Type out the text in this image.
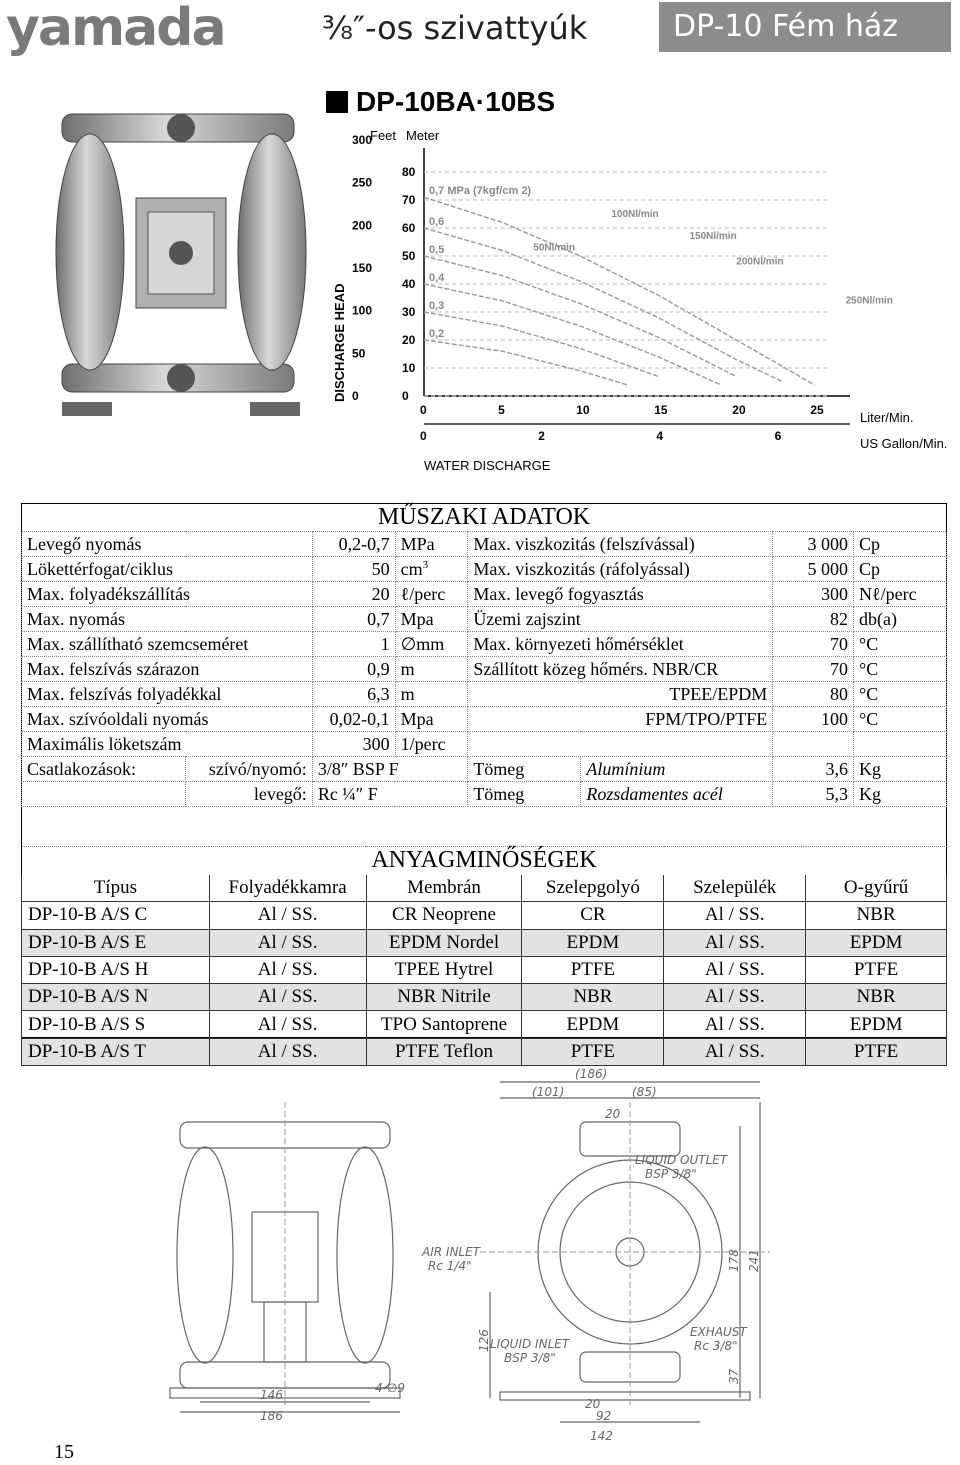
yamada	³⁄₈″-os szivattyúk	DP-10 Fém ház
DP-10BA·10BS
Feet Meter
DISCHARGE HEAD
Liter/Min.
US Gallon/Min.
WATER DISCHARGE
0
10
20
30
40
50
60
70
80
0
50
100
150
200
250
300
0	5	10	15	20	25
0	2	4	6
0,7 MPa (7kgf/cm 2)
0,6
0,5
0,4
0,3
0,2
100Nl/min
150Nl/min
50Nl/min
200Nl/min
250Nl/min
MŰSZAKI ADATOK							
Levegő nyomás		0,2-0,7	MPa	Max. viszkozitás (felszívással)		3 000	Cp
Lökettérfogat/ciklus		50	$cm^3$	Max. viszkozitás (ráfolyással)		5 000	Cp
Max. folyadékszállítás		20	ℓ/perc	Max. levegő fogyasztás		300	Nℓ/perc
Max. nyomás		0,7	Mpa	Üzemi zajszint		82	db(a)
Max. szállítható szemcseméret		1	∅mm	Max. környezeti hőmérséklet		70	°C
Max. felszívás szárazon		0,9	m	Szállított közeg hőmérs. NBR/CR		70	°C
Max. felszívás folyadékkal		6,3	m	TPEE/EPDM		80	°C
Max. szívóoldali nyomás		0,02-0,1	Mpa	FPM/TPO/PTFE		100	°C
Maximális löketszám		300	1/perc				
Csatlakozások:	szívó/nyomó:	3/8″ BSP F		Tömeg	Alumínium	3,6	Kg
	levegő:	Rc ¼″ F		Tömeg	Rozsdamentes acél	5,3	Kg
ANYAGMINŐSÉGEK					
Típus	Folyadékkamra	Membrán	Szelepgolyó	Szelepülék	O-gyűrű
DP-10-B A/S C	Al / SS.	CR Neoprene	CR	Al / SS.	NBR
DP-10-B A/S E	Al / SS.	EPDM Nordel	EPDM	Al / SS.	EPDM
DP-10-B A/S H	Al / SS.	TPEE Hytrel	PTFE	Al / SS.	PTFE
DP-10-B A/S N	Al / SS.	NBR Nitrile	NBR	Al / SS.	NBR
DP-10-B A/S S	Al / SS.	TPO Santoprene	EPDM	Al / SS.	EPDM
DP-10-B A/S T	Al / SS.	PTFE Teflon	PTFE	Al / SS.	PTFE
(186)
(101)	(85)
20
146
186
4-∅9
20
92
142
178 241
126
37
LIQUID OUTLET
BSP 3/8"
AIR INLET
Rc 1/4"
LIQUID INLET
BSP 3/8"
EXHAUST
Rc 3/8"
15
